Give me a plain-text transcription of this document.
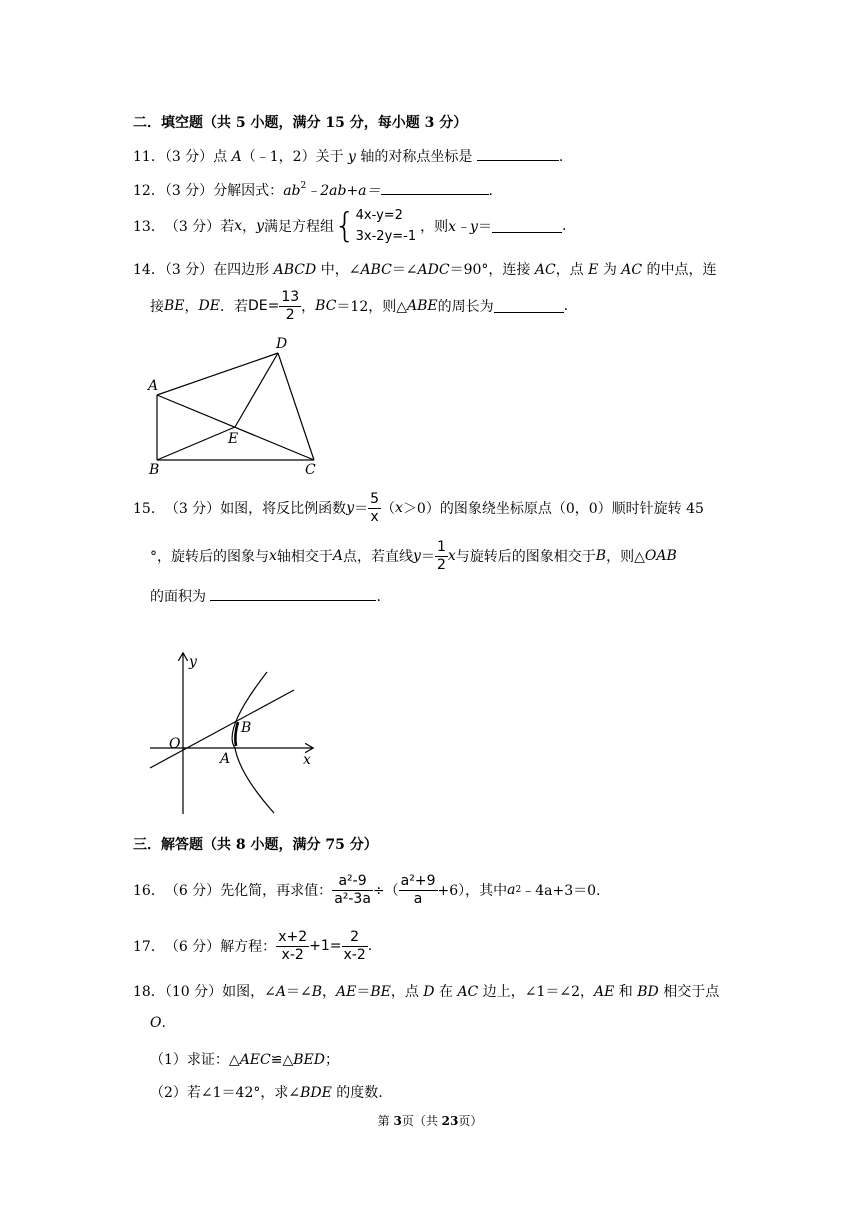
二．填空题（共 5 小题，满分 15 分，每小题 3 分）
11．（3 分）点 A（﹣1，2）关于 y 轴的对称点坐标是	.
12．（3 分）分解因式：$ab^2﹣2ab+a=$	.
13． （3 分） 若 x ， y 满足方程组 { 4x-y=2
3x-2y=-1
，则 x﹣y ＝	.
14．（3 分）在四边形 ABCD 中，∠ABC＝∠ADC＝90°，连接 AC，点 E 为 AC 的中点，连
接 BE ， DE ．若 $DE= \frac{13}{2}$ ， BC ＝12，则△ ABE 的周长为	.
A
D
E
B	C
15． （3 分） 如图，将反比例函数 $y = \frac{5}{x}$ （ x ＞0）的图象绕坐标原点（0，0）顺时针旋转 45
°，旋转后的图象与 x 轴相交于 A 点，若直线 $y = \frac{1}{2}$ x 与旋转后的图象相交于 B ，则△ OAB
的面积为	.
y
x
O
A
B
三．解答题（共 8 小题，满分 75 分）
16． （6 分） 先化简，再求值： $\frac{\text{a²-9}}{\text{a²-3a}}$ ÷（ $\frac{\text{a²+9}}{a} +6$），其中 a 2 ﹣4a+3＝0.
17． （6 分） 解方程： $\frac{x+2}{x-2} +1= \frac{2}{x-2}$ .
18．（10 分）如图，∠A＝∠B，AE＝BE，点 D 在 AC 边上，∠1＝∠2，AE 和 BD 相交于点
O.
（1）求证：△AEC≌△BED；
（2）若∠1＝42°，求∠BDE 的度数.
第 3页（共 23页）
